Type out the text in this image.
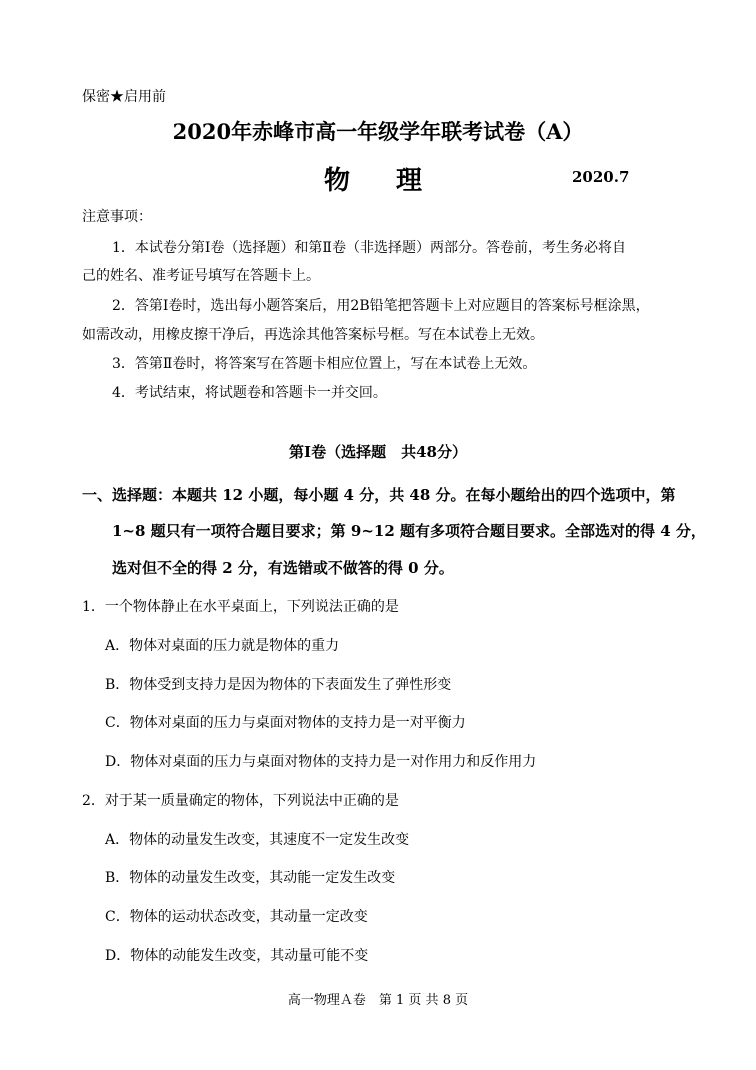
保密★启用前
2020年赤峰市高一年级学年联考试卷（A）
物理	2020.7
注意事项：
1．本试卷分第Ⅰ卷（选择题）和第Ⅱ卷（非选择题）两部分。答卷前，考生务必将自
己的姓名、准考证号填写在答题卡上。
2．答第Ⅰ卷时，选出每小题答案后，用2B铅笔把答题卡上对应题目的答案标号框涂黑，
如需改动，用橡皮擦干净后，再选涂其他答案标号框。写在本试卷上无效。
3．答第Ⅱ卷时，将答案写在答题卡相应位置上，写在本试卷上无效。
4．考试结束，将试题卷和答题卡一并交回。
第Ⅰ卷（选择题　共48分）
一、选择题：本题共 12 小题，每小题 4 分，共 48 分。在每小题给出的四个选项中，第
1~8 题只有一项符合题目要求；第 9~12 题有多项符合题目要求。全部选对的得 4 分，
选对但不全的得 2 分，有选错或不做答的得 0 分。
1．一个物体静止在水平桌面上，下列说法正确的是
A．物体对桌面的压力就是物体的重力
B．物体受到支持力是因为物体的下表面发生了弹性形变
C．物体对桌面的压力与桌面对物体的支持力是一对平衡力
D．物体对桌面的压力与桌面对物体的支持力是一对作用力和反作用力
2．对于某一质量确定的物体，下列说法中正确的是
A．物体的动量发生改变，其速度不一定发生改变
B．物体的动量发生改变，其动能一定发生改变
C．物体的运动状态改变，其动量一定改变
D．物体的动能发生改变，其动量可能不变
高一物理Ａ卷　第 1 页 共 8 页
